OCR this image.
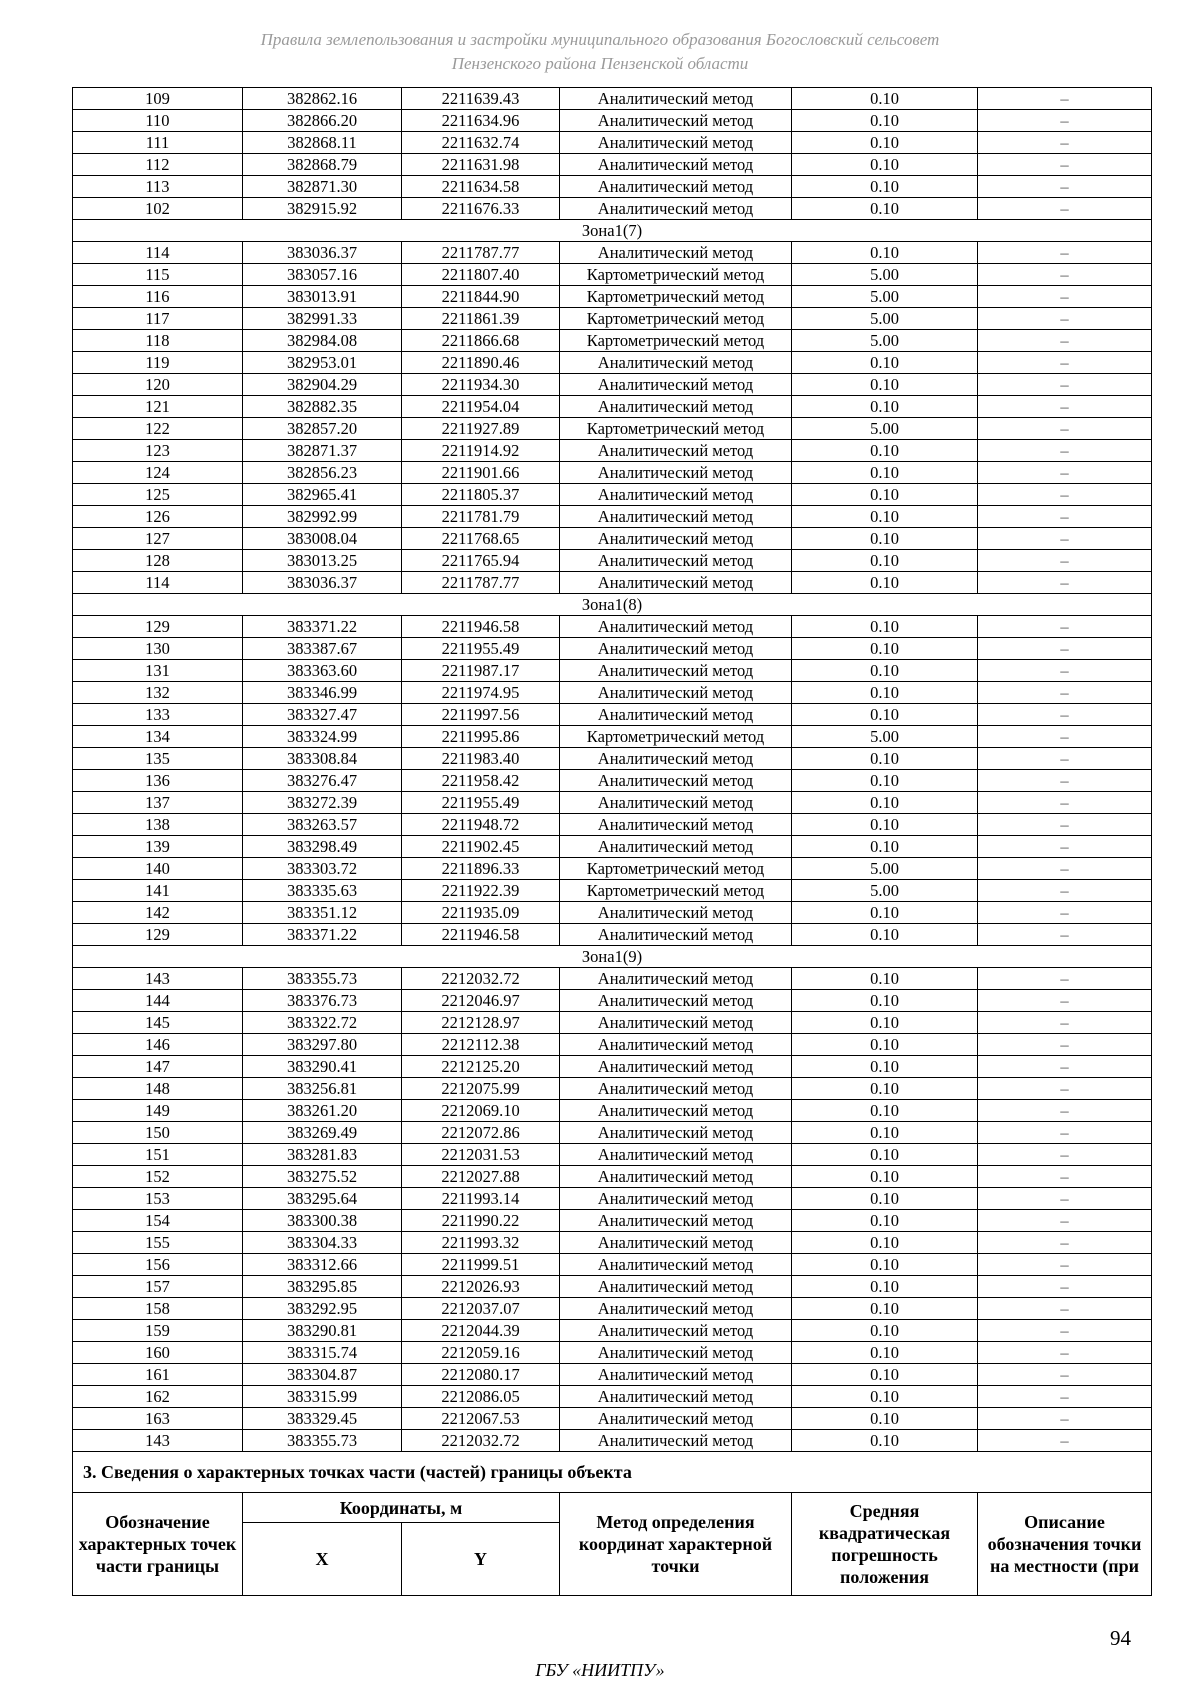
Правила землепользования и застройки муниципального образования Богословский сельсовет
Пензенского района Пензенской области
109	382862.16	2211639.43	Аналитический метод	0.10	–
110	382866.20	2211634.96	Аналитический метод	0.10	–
111	382868.11	2211632.74	Аналитический метод	0.10	–
112	382868.79	2211631.98	Аналитический метод	0.10	–
113	382871.30	2211634.58	Аналитический метод	0.10	–
102	382915.92	2211676.33	Аналитический метод	0.10	–
Зона1(7)					
114	383036.37	2211787.77	Аналитический метод	0.10	–
115	383057.16	2211807.40	Картометрический метод	5.00	–
116	383013.91	2211844.90	Картометрический метод	5.00	–
117	382991.33	2211861.39	Картометрический метод	5.00	–
118	382984.08	2211866.68	Картометрический метод	5.00	–
119	382953.01	2211890.46	Аналитический метод	0.10	–
120	382904.29	2211934.30	Аналитический метод	0.10	–
121	382882.35	2211954.04	Аналитический метод	0.10	–
122	382857.20	2211927.89	Картометрический метод	5.00	–
123	382871.37	2211914.92	Аналитический метод	0.10	–
124	382856.23	2211901.66	Аналитический метод	0.10	–
125	382965.41	2211805.37	Аналитический метод	0.10	–
126	382992.99	2211781.79	Аналитический метод	0.10	–
127	383008.04	2211768.65	Аналитический метод	0.10	–
128	383013.25	2211765.94	Аналитический метод	0.10	–
114	383036.37	2211787.77	Аналитический метод	0.10	–
Зона1(8)					
129	383371.22	2211946.58	Аналитический метод	0.10	–
130	383387.67	2211955.49	Аналитический метод	0.10	–
131	383363.60	2211987.17	Аналитический метод	0.10	–
132	383346.99	2211974.95	Аналитический метод	0.10	–
133	383327.47	2211997.56	Аналитический метод	0.10	–
134	383324.99	2211995.86	Картометрический метод	5.00	–
135	383308.84	2211983.40	Аналитический метод	0.10	–
136	383276.47	2211958.42	Аналитический метод	0.10	–
137	383272.39	2211955.49	Аналитический метод	0.10	–
138	383263.57	2211948.72	Аналитический метод	0.10	–
139	383298.49	2211902.45	Аналитический метод	0.10	–
140	383303.72	2211896.33	Картометрический метод	5.00	–
141	383335.63	2211922.39	Картометрический метод	5.00	–
142	383351.12	2211935.09	Аналитический метод	0.10	–
129	383371.22	2211946.58	Аналитический метод	0.10	–
Зона1(9)					
143	383355.73	2212032.72	Аналитический метод	0.10	–
144	383376.73	2212046.97	Аналитический метод	0.10	–
145	383322.72	2212128.97	Аналитический метод	0.10	–
146	383297.80	2212112.38	Аналитический метод	0.10	–
147	383290.41	2212125.20	Аналитический метод	0.10	–
148	383256.81	2212075.99	Аналитический метод	0.10	–
149	383261.20	2212069.10	Аналитический метод	0.10	–
150	383269.49	2212072.86	Аналитический метод	0.10	–
151	383281.83	2212031.53	Аналитический метод	0.10	–
152	383275.52	2212027.88	Аналитический метод	0.10	–
153	383295.64	2211993.14	Аналитический метод	0.10	–
154	383300.38	2211990.22	Аналитический метод	0.10	–
155	383304.33	2211993.32	Аналитический метод	0.10	–
156	383312.66	2211999.51	Аналитический метод	0.10	–
157	383295.85	2212026.93	Аналитический метод	0.10	–
158	383292.95	2212037.07	Аналитический метод	0.10	–
159	383290.81	2212044.39	Аналитический метод	0.10	–
160	383315.74	2212059.16	Аналитический метод	0.10	–
161	383304.87	2212080.17	Аналитический метод	0.10	–
162	383315.99	2212086.05	Аналитический метод	0.10	–
163	383329.45	2212067.53	Аналитический метод	0.10	–
143	383355.73	2212032.72	Аналитический метод	0.10	–
3. Сведения о характерных точках части (частей) границы объекта					
Обозначение характерных точек части границы	Координаты, м		Метод определения координат характерной точки	Средняя квадратическая погрешность положения	Описание обозначения точки на местности (при
	X	Y			
94
ГБУ «НИИТПУ»
